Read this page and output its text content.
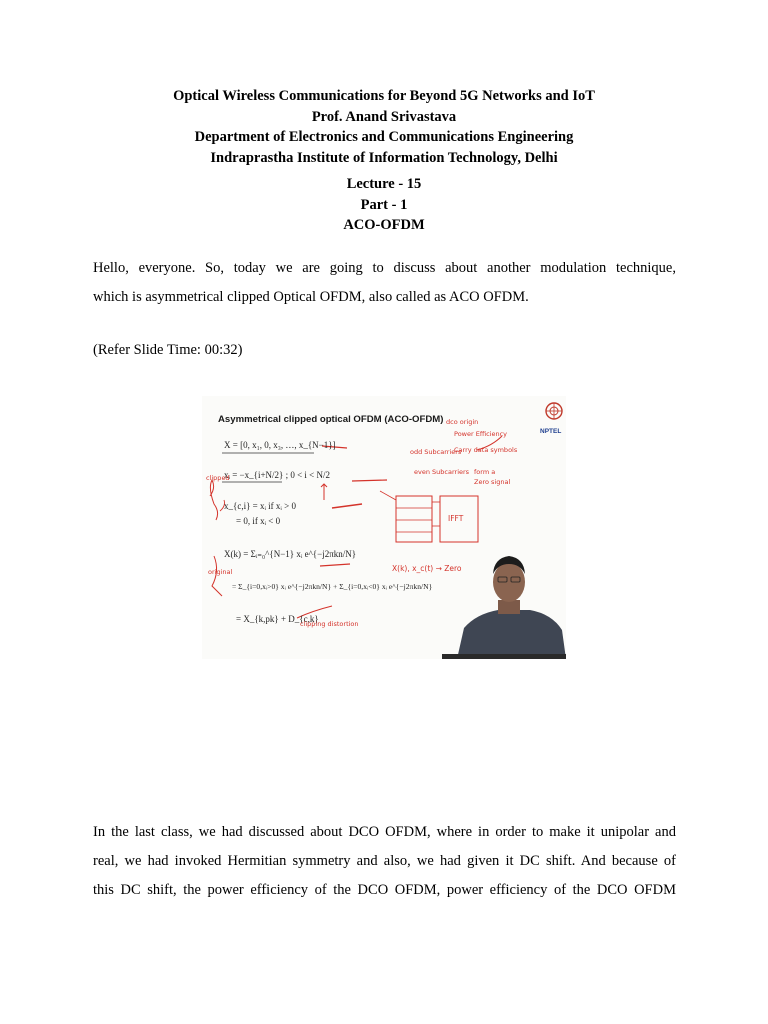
Optical Wireless Communications for Beyond 5G Networks and IoT
Prof. Anand Srivastava
Department of Electronics and Communications Engineering
Indraprastha Institute of Information Technology, Delhi
Lecture - 15
Part - 1
ACO-OFDM
Hello, everyone. So, today we are going to discuss about another modulation technique,
which is asymmetrical clipped Optical OFDM, also called as ACO OFDM.
(Refer Slide Time: 00:32)
Asymmetrical clipped optical OFDM (ACO-OFDM)
NPTEL
X = [0, x₁, 0, x₃, …, x_{N−1}]
xᵢ = −x_{i+N/2} ; 0 < i < N/2
x_{c,i} = xᵢ if xᵢ > 0
= 0, if xᵢ < 0
X(k) = Σᵢ₌₀^{N−1} xᵢ e^{−j2πkn/N}
= Σ_{i=0,xᵢ>0} xᵢ e^{−j2πkn/N} + Σ_{i=0,xᵢ<0} xᵢ e^{−j2πkn/N}
= X_{k,pk} + D_{c,k}
IFFT
dco origin
Power Efficiency
odd Subcarriers
Carry data symbols
even Subcarriers form a
Zero signal
clipped
original
clipping distortion
X(k), x_c(t) → Zero
In the last class, we had discussed about DCO OFDM, where in order to make it unipolar and
real, we had invoked Hermitian symmetry and also, we had given it DC shift. And because of
this DC shift, the power efficiency of the DCO OFDM, power efficiency of the DCO OFDM
